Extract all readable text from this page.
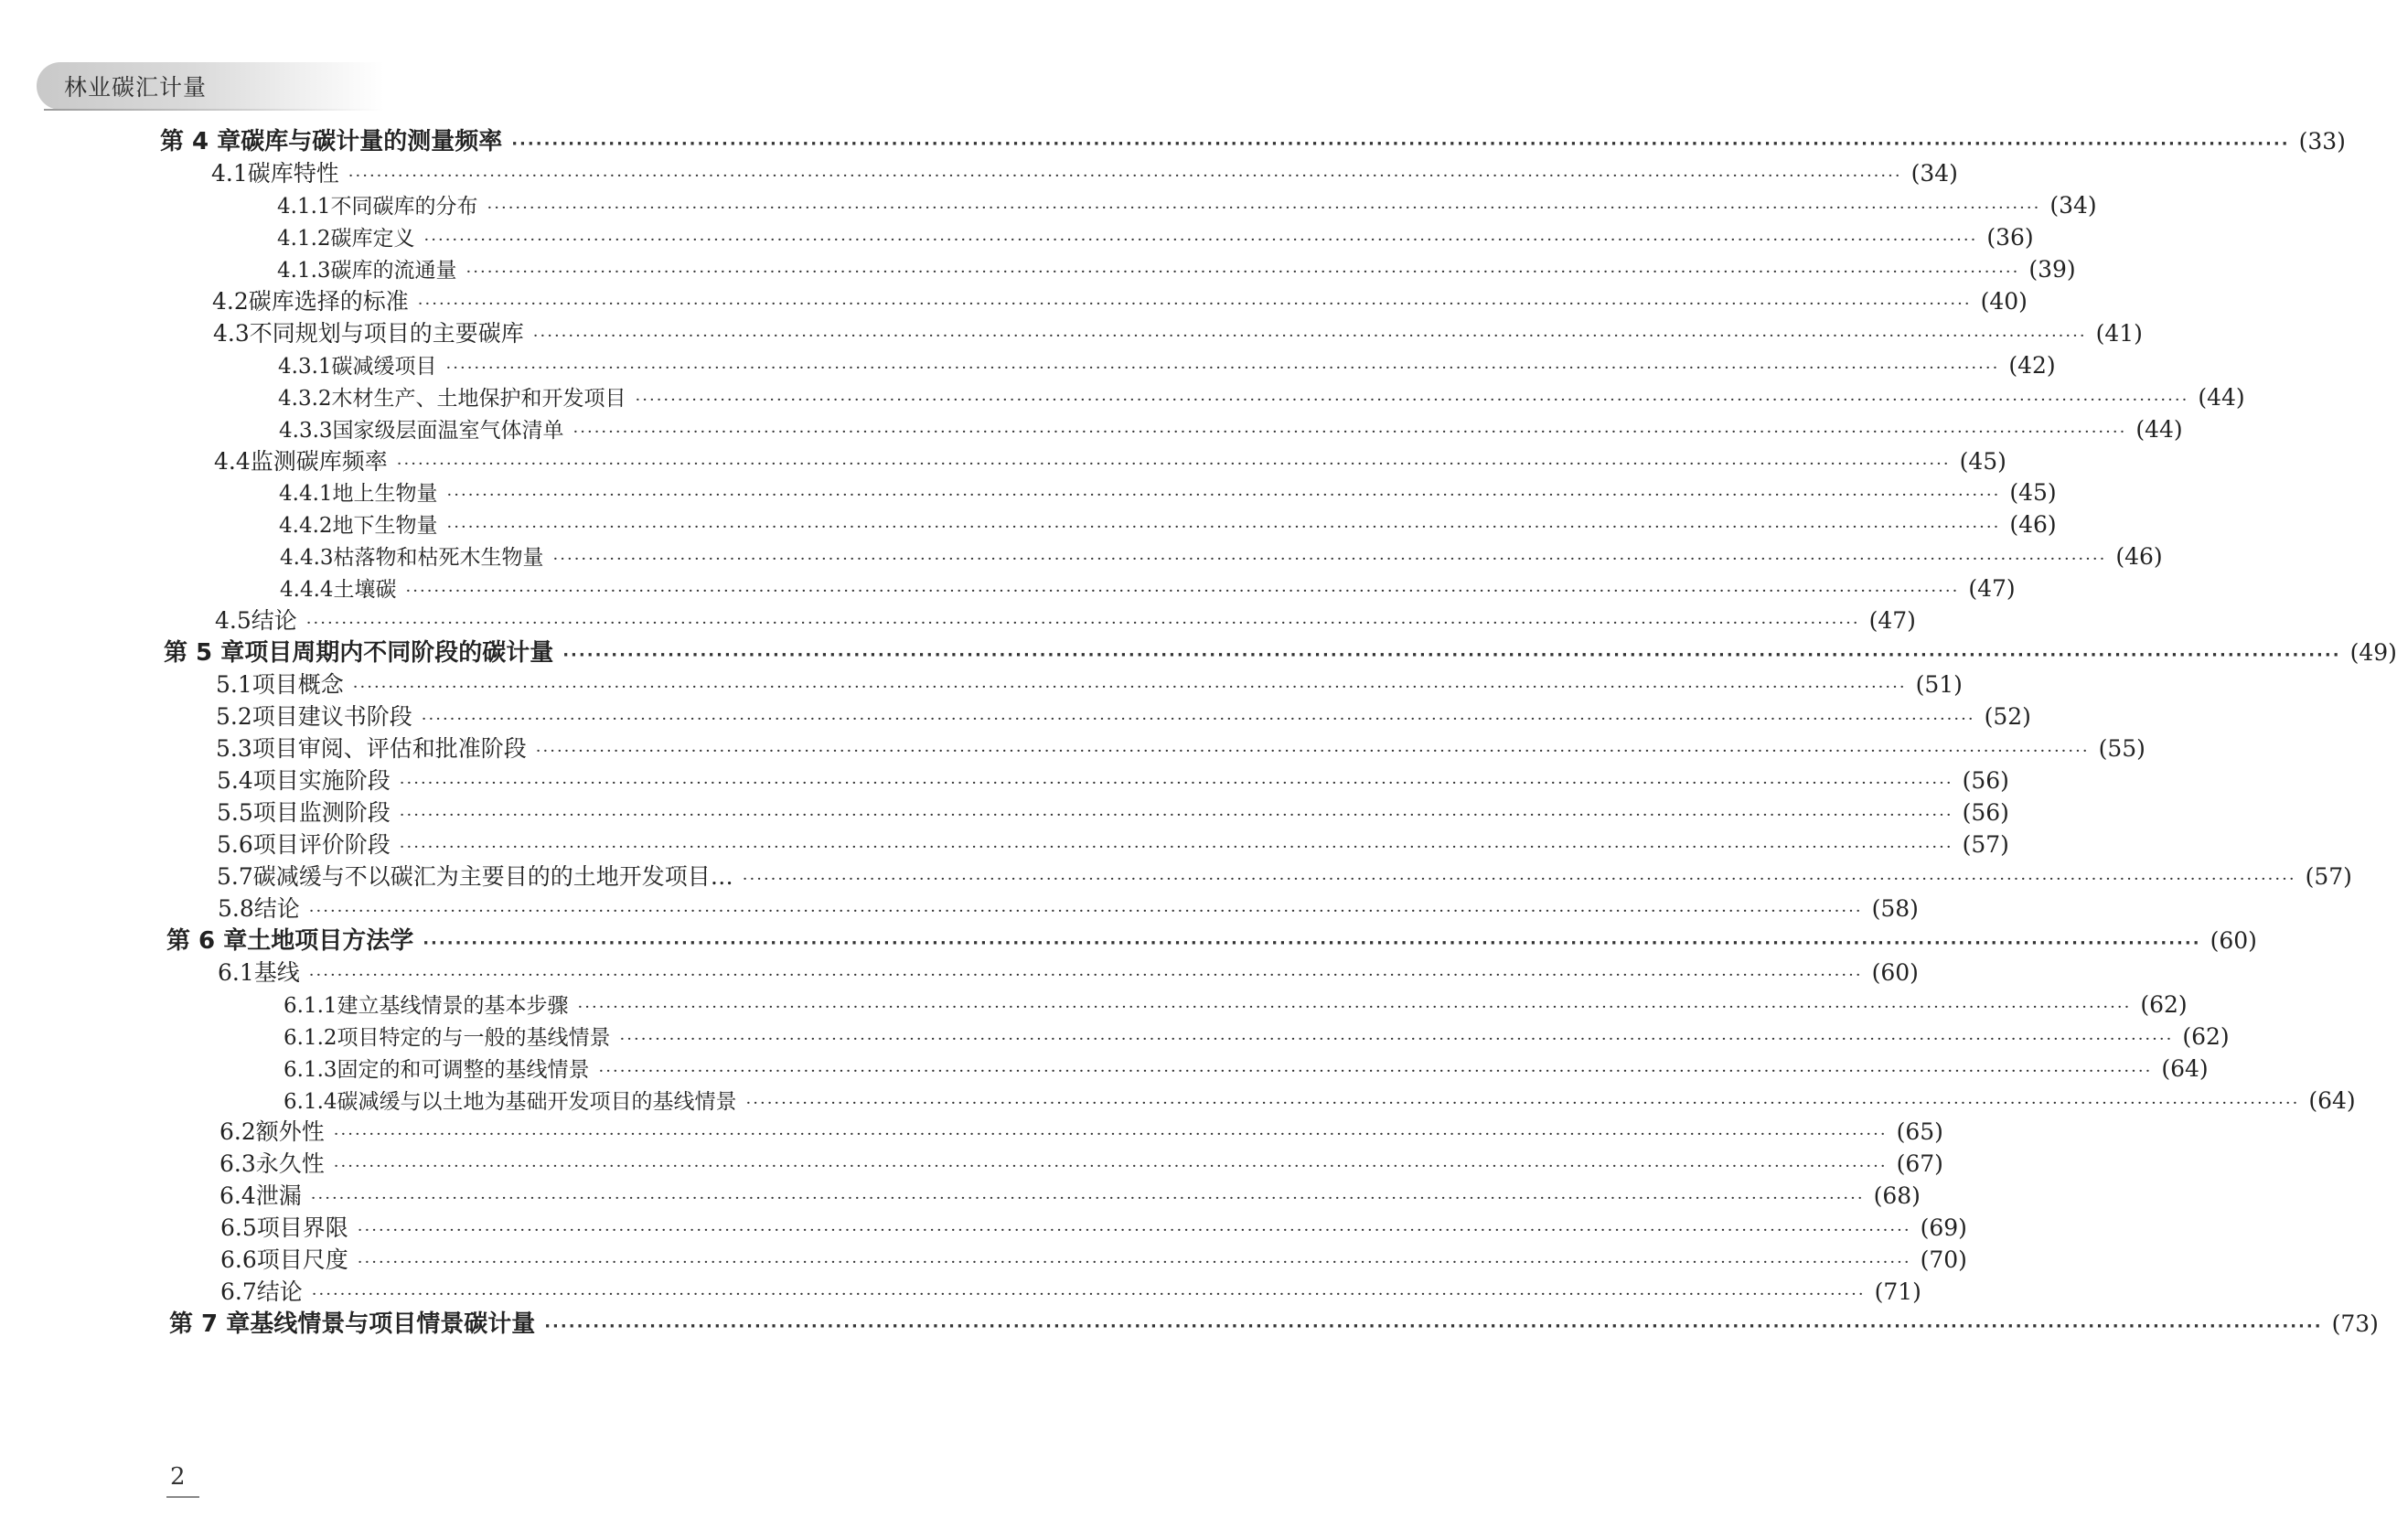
林业碳汇计量
第 4 章 碳库与碳计量的测量频率 ···························································································································································································································· (33)
4.1 碳库特性 ···························································································································································································································· (34)
4.1.1 不同碳库的分布 ···························································································································································································································· (34)
4.1.2 碳库定义 ···························································································································································································································· (36)
4.1.3 碳库的流通量 ···························································································································································································································· (39)
4.2 碳库选择的标准 ···························································································································································································································· (40)
4.3 不同规划与项目的主要碳库 ···························································································································································································································· (41)
4.3.1 碳减缓项目 ···························································································································································································································· (42)
4.3.2 木材生产、土地保护和开发项目 ···························································································································································································································· (44)
4.3.3 国家级层面温室气体清单 ···························································································································································································································· (44)
4.4 监测碳库频率 ···························································································································································································································· (45)
4.4.1 地上生物量 ···························································································································································································································· (45)
4.4.2 地下生物量 ···························································································································································································································· (46)
4.4.3 枯落物和枯死木生物量 ···························································································································································································································· (46)
4.4.4 土壤碳 ···························································································································································································································· (47)
4.5 结论 ···························································································································································································································· (47)
第 5 章 项目周期内不同阶段的碳计量 ···························································································································································································································· (49)
5.1 项目概念 ···························································································································································································································· (51)
5.2 项目建议书阶段 ···························································································································································································································· (52)
5.3 项目审阅、评估和批准阶段 ···························································································································································································································· (55)
5.4 项目实施阶段 ···························································································································································································································· (56)
5.5 项目监测阶段 ···························································································································································································································· (56)
5.6 项目评价阶段 ···························································································································································································································· (57)
5.7 碳减缓与不以碳汇为主要目的的土地开发项目… ···························································································································································································································· (57)
5.8 结论 ···························································································································································································································· (58)
第 6 章 土地项目方法学 ···························································································································································································································· (60)
6.1 基线 ···························································································································································································································· (60)
6.1.1 建立基线情景的基本步骤 ···························································································································································································································· (62)
6.1.2 项目特定的与一般的基线情景 ···························································································································································································································· (62)
6.1.3 固定的和可调整的基线情景 ···························································································································································································································· (64)
6.1.4 碳减缓与以土地为基础开发项目的基线情景 ···························································································································································································································· (64)
6.2 额外性 ···························································································································································································································· (65)
6.3 永久性 ···························································································································································································································· (67)
6.4 泄漏 ···························································································································································································································· (68)
6.5 项目界限 ···························································································································································································································· (69)
6.6 项目尺度 ···························································································································································································································· (70)
6.7 结论 ···························································································································································································································· (71)
第 7 章 基线情景与项目情景碳计量 ···························································································································································································································· (73)
2
